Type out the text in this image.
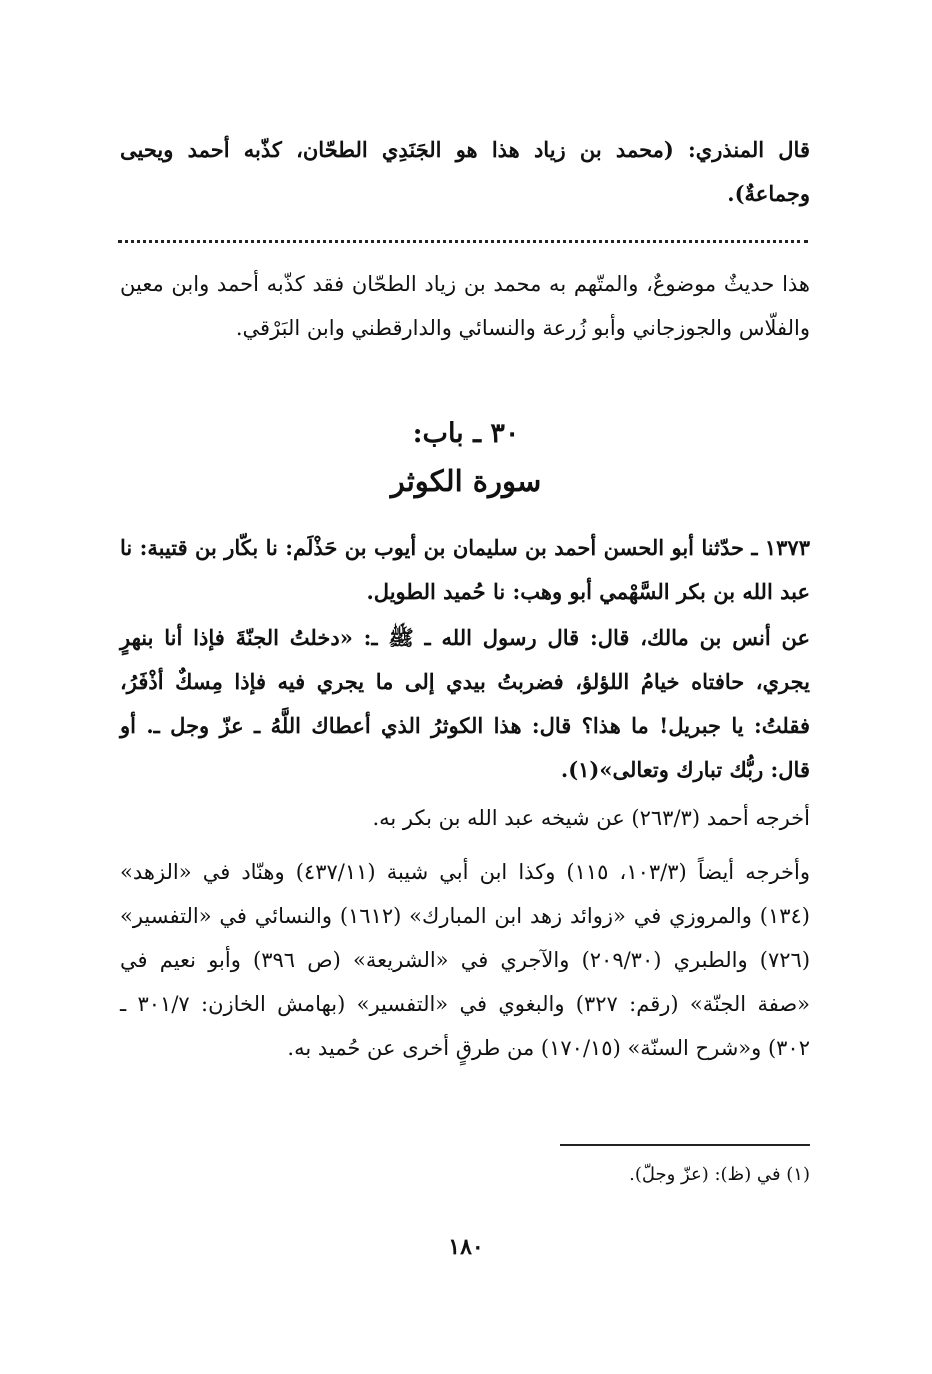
قال المنذري: (محمد بن زياد هذا هو الجَنَدِي الطحّان، كذّبه أحمد ويحيى وجماعةٌ).

هذا حديثٌ موضوعٌ، والمتّهم به محمد بن زياد الطحّان فقد كذّبه أحمد وابن معين والفلّاس والجوزجاني وأبو زُرعة والنسائي والدارقطني وابن البَرْقي.

٣٠ ـ باب:
سورة الكوثر

١٣٧٣ ـ حدّثنا أبو الحسن أحمد بن سليمان بن أيوب بن حَذْلَم: نا بكّار بن قتيبة: نا عبد الله بن بكر السَّهْمي أبو وهب: نا حُميد الطويل.

عن أنس بن مالك، قال: قال رسول الله ـ ﷺ ـ: «دخلتُ الجنّةَ فإذا أنا بنهرٍ يجري، حافتاه خيامُ اللؤلؤ، فضربتُ بيدي إلى ما يجري فيه فإذا مِسكٌ أذْفَرُ، فقلتُ: يا جبريل! ما هذا؟ قال: هذا الكوثرُ الذي أعطاك اللَّهُ ـ عزّ وجل ـ. أو قال: ربُّك تبارك وتعالى»(١).

أخرجه أحمد (٢٦٣/٣) عن شيخه عبد الله بن بكر به.

وأخرجه أيضاً (١٠٣/٣، ١١٥) وكذا ابن أبي شيبة (٤٣٧/١١) وهنّاد في «الزهد» (١٣٤) والمروزي في «زوائد زهد ابن المبارك» (١٦١٢) والنسائي في «التفسير» (٧٢٦) والطبري (٢٠٩/٣٠) والآجري في «الشريعة» (ص ٣٩٦) وأبو نعيم في «صفة الجنّة» (رقم: ٣٢٧) والبغوي في «التفسير» (بهامش الخازن: ٣٠١/٧ ـ ٣٠٢) و«شرح السنّة» (١٧٠/١٥) من طرقٍ أخرى عن حُميد به.

(١) في (ظ): (عزّ وجلّ).
١٨٠
